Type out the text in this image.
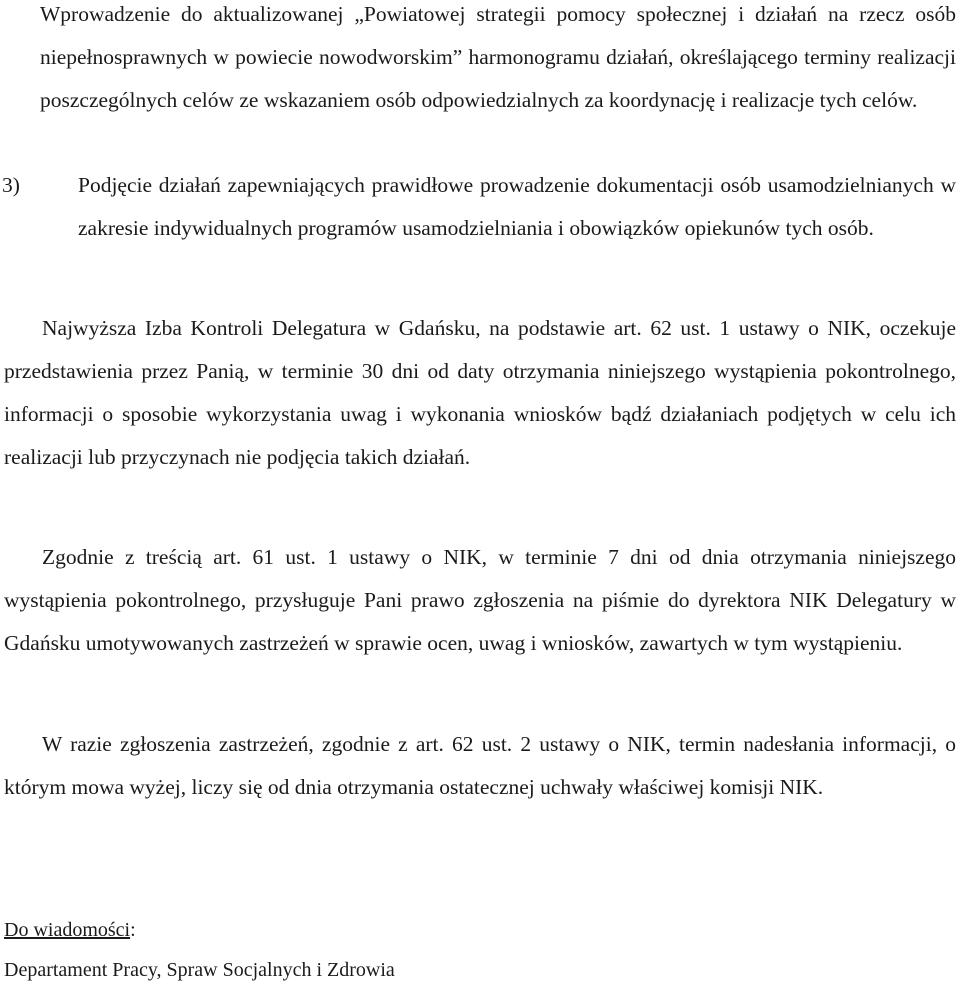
Wprowadzenie do aktualizowanej „Powiatowej strategii pomocy społecznej i działań na rzecz osób niepełnosprawnych w powiecie nowodworskim” harmonogramu działań, określającego terminy realizacji poszczególnych celów ze wskazaniem osób odpowiedzialnych za koordynację i realizacje tych celów.

3)	Podjęcie działań zapewniających prawidłowe prowadzenie dokumentacji osób usamodzielnianych w zakresie indywidualnych programów usamodzielniania i obowiązków opiekunów tych osób.

Najwyższa Izba Kontroli Delegatura w Gdańsku, na podstawie art. 62 ust. 1 ustawy o NIK, oczekuje przedstawienia przez Panią, w terminie 30 dni od daty otrzymania niniejszego wystąpienia pokontrolnego, informacji o sposobie wykorzystania uwag i wykonania wniosków bądź działaniach podjętych w celu ich realizacji lub przyczynach nie podjęcia takich działań.

Zgodnie z treścią art. 61 ust. 1 ustawy o NIK, w terminie 7 dni od dnia otrzymania niniejszego wystąpienia pokontrolnego, przysługuje Pani prawo zgłoszenia na piśmie do dyrektora NIK Delegatury w Gdańsku umotywowanych zastrzeżeń w sprawie ocen, uwag i wniosków, zawartych w tym wystąpieniu.

W razie zgłoszenia zastrzeżeń, zgodnie z art. 62 ust. 2 ustawy o NIK, termin nadesłania informacji, o którym mowa wyżej, liczy się od dnia otrzymania ostatecznej uchwały właściwej komisji NIK.

Do wiadomości:

Departament Pracy, Spraw Socjalnych i Zdrowia
